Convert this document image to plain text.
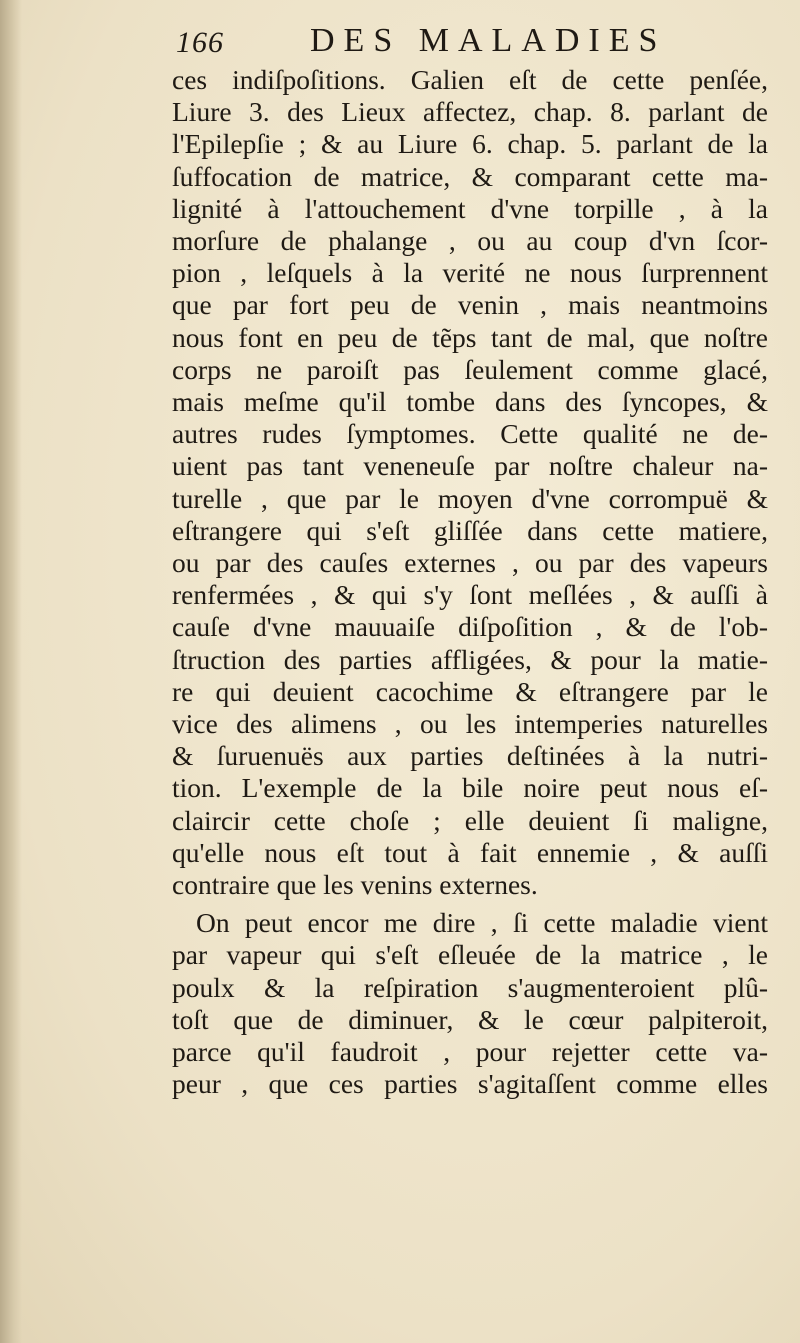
166	DES MALADIES
ces indiſpoſitions. Galien eſt de cette penſée,
Liure 3. des Lieux affectez, chap. 8. parlant de
l'Epilepſie ; & au Liure 6. chap. 5. parlant de la
ſuffocation de matrice, & comparant cette ma-
lignité à l'attouchement d'vne torpille , à la
morſure de phalange , ou au coup d'vn ſcor-
pion , leſquels à la verité ne nous ſurprennent
que par fort peu de venin , mais neantmoins
nous font en peu de tẽps tant de mal, que noſtre
corps ne paroiſt pas ſeulement comme glacé,
mais meſme qu'il tombe dans des ſyncopes, &
autres rudes ſymptomes. Cette qualité ne de-
uient pas tant veneneuſe par noſtre chaleur na-
turelle , que par le moyen d'vne corrompuë &
eſtrangere qui s'eſt gliſſée dans cette matiere,
ou par des cauſes externes , ou par des vapeurs
renfermées , & qui s'y ſont meſlées , & auſſi à
cauſe d'vne mauuaiſe diſpoſition , & de l'ob-
ſtruction des parties affligées, & pour la matie-
re qui deuient cacochime & eſtrangere par le
vice des alimens , ou les intemperies naturelles
& ſuruenuës aux parties deſtinées à la nutri-
tion. L'exemple de la bile noire peut nous eſ-
claircir cette choſe ; elle deuient ſi maligne,
qu'elle nous eſt tout à fait ennemie , & auſſi
contraire que les venins externes.
On peut encor me dire , ſi cette maladie vient
par vapeur qui s'eſt eſleuée de la matrice , le
poulx & la reſpiration s'augmenteroient plû-
toſt que de diminuer, & le cœur palpiteroit,
parce qu'il faudroit , pour rejetter cette va-
peur , que ces parties s'agitaſſent comme elles
